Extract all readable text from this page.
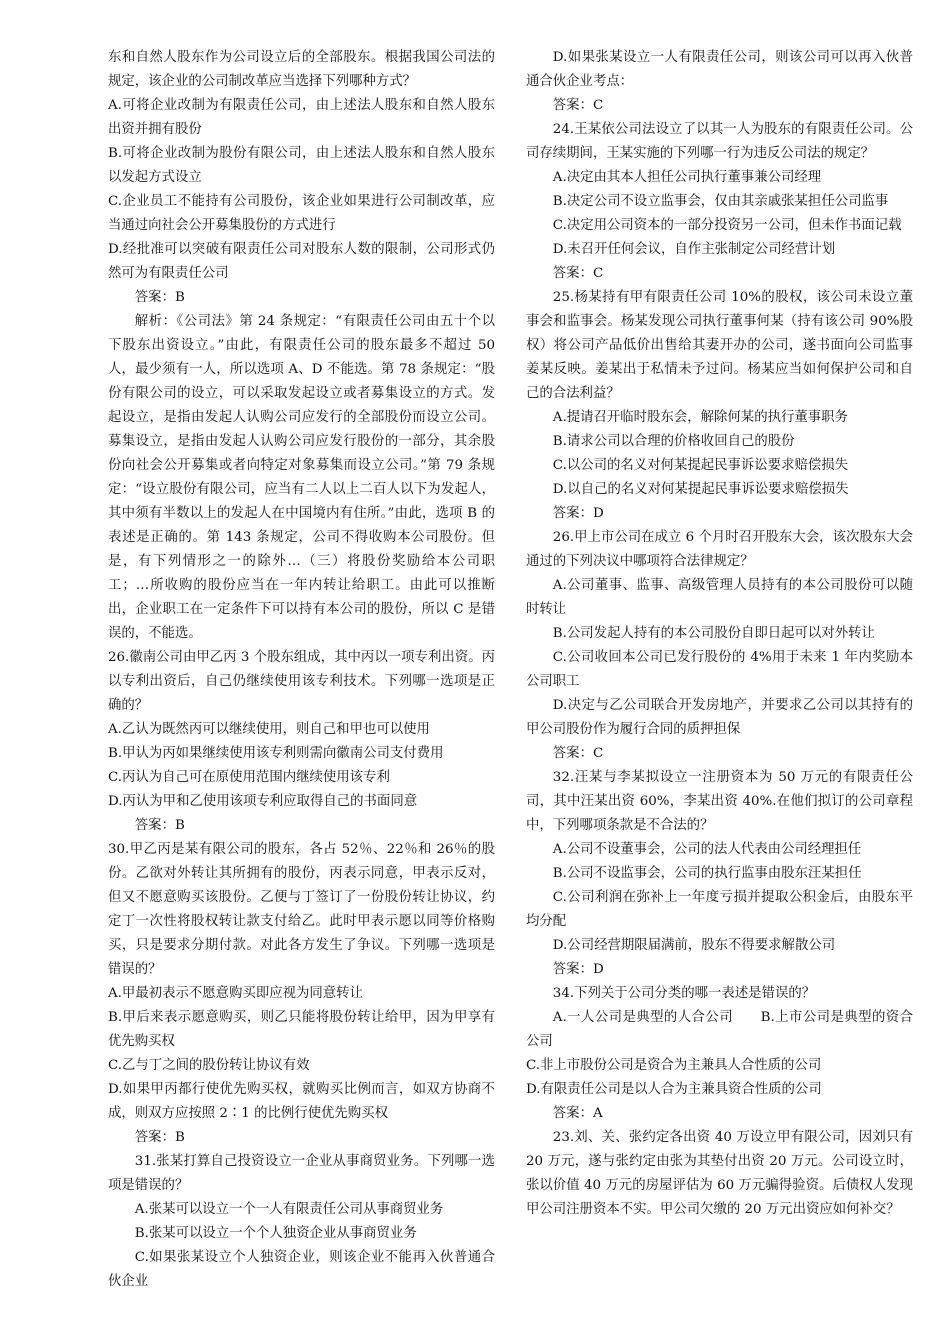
东和自然人股东作为公司设立后的全部股东。根据我国公司法的规定，该企业的公司制改革应当选择下列哪种方式？

A.可将企业改制为有限责任公司，由上述法人股东和自然人股东出资并拥有股份

B.可将企业改制为股份有限公司，由上述法人股东和自然人股东以发起方式设立

C.企业员工不能持有公司股份，该企业如果进行公司制改革，应当通过向社会公开募集股份的方式进行

D.经批准可以突破有限责任公司对股东人数的限制，公司形式仍然可为有限责任公司

答案：B

解析：《公司法》第 24 条规定：“有限责任公司由五十个以下股东出资设立。”由此，有限责任公司的股东最多不超过 50 人，最少须有一人，所以选项 A、D 不能选。第 78 条规定：“股份有限公司的设立，可以采取发起设立或者募集设立的方式。发起设立，是指由发起人认购公司应发行的全部股份而设立公司。募集设立，是指由发起人认购公司应发行股份的一部分，其余股份向社会公开募集或者向特定对象募集而设立公司。”第 79 条规定：“设立股份有限公司，应当有二人以上二百人以下为发起人，其中须有半数以上的发起人在中国境内有住所。”由此，选项 B 的表述是正确的。第 143 条规定，公司不得收购本公司股份。但是，有下列情形之一的除外…（三）将股份奖励给本公司职工；…所收购的股份应当在一年内转让给职工。由此可以推断出，企业职工在一定条件下可以持有本公司的股份，所以 C 是错误的，不能选。

26.徽南公司由甲乙丙 3 个股东组成，其中丙以一项专利出资。丙以专利出资后，自己仍继续使用该专利技术。下列哪一选项是正确的？

A.乙认为既然丙可以继续使用，则自己和甲也可以使用

B.甲认为丙如果继续使用该专利则需向徽南公司支付费用

C.丙认为自己可在原使用范围内继续使用该专利

D.丙认为甲和乙使用该项专利应取得自己的书面同意

答案：B

30.甲乙丙是某有限公司的股东，各占 52％、22％和 26％的股份。乙欲对外转让其所拥有的股份，丙表示同意，甲表示反对，但又不愿意购买该股份。乙便与丁签订了一份股份转让协议，约定丁一次性将股权转让款支付给乙。此时甲表示愿以同等价格购买，只是要求分期付款。对此各方发生了争议。下列哪一选项是错误的？

A.甲最初表示不愿意购买即应视为同意转让

B.甲后来表示愿意购买，则乙只能将股份转让给甲，因为甲享有优先购买权

C.乙与丁之间的股份转让协议有效

D.如果甲丙都行使优先购买权，就购买比例而言，如双方协商不成，则双方应按照 2∶1 的比例行使优先购买权

答案：B

31.张某打算自己投资设立一企业从事商贸业务。下列哪一选项是错误的？

A.张某可以设立一个一人有限责任公司从事商贸业务

B.张某可以设立一个个人独资企业从事商贸业务

C.如果张某设立个人独资企业，则该企业不能再入伙普通合伙企业

D.如果张某设立一人有限责任公司，则该公司可以再入伙普通合伙企业考点：

答案：C

24.王某依公司法设立了以其一人为股东的有限责任公司。公司存续期间，王某实施的下列哪一行为违反公司法的规定？

A.决定由其本人担任公司执行董事兼公司经理

B.决定公司不设立监事会，仅由其亲戚张某担任公司监事

C.决定用公司资本的一部分投资另一公司，但未作书面记载

D.未召开任何会议，自作主张制定公司经营计划

答案：C

25.杨某持有甲有限责任公司 10%的股权，该公司未设立董事会和监事会。杨某发现公司执行董事何某（持有该公司 90%股权）将公司产品低价出售给其妻开办的公司，遂书面向公司监事姜某反映。姜某出于私情未予过问。杨某应当如何保护公司和自己的合法利益？

A.提请召开临时股东会，解除何某的执行董事职务

B.请求公司以合理的价格收回自己的股份

C.以公司的名义对何某提起民事诉讼要求赔偿损失

D.以自己的名义对何某提起民事诉讼要求赔偿损失

答案：D

26.甲上市公司在成立 6 个月时召开股东大会，该次股东大会通过的下列决议中哪项符合法律规定？

A.公司董事、监事、高级管理人员持有的本公司股份可以随时转让

B.公司发起人持有的本公司股份自即日起可以对外转让

C.公司收回本公司已发行股份的 4%用于未来 1 年内奖励本公司职工

D.决定与乙公司联合开发房地产，并要求乙公司以其持有的甲公司股份作为履行合同的质押担保

答案：C

32.汪某与李某拟设立一注册资本为 50 万元的有限责任公司，其中汪某出资 60%，李某出资 40%.在他们拟订的公司章程中，下列哪项条款是不合法的？

A.公司不设董事会，公司的法人代表由公司经理担任

B.公司不设监事会，公司的执行监事由股东汪某担任

C.公司利润在弥补上一年度亏损并提取公积金后，由股东平均分配

D.公司经营期限届满前，股东不得要求解散公司

答案：D

34.下列关于公司分类的哪一表述是错误的？

A.一人公司是典型的人合公司　　B.上市公司是典型的资合公司

C.非上市股份公司是资合为主兼具人合性质的公司

D.有限责任公司是以人合为主兼具资合性质的公司

答案：A

23.刘、关、张约定各出资 40 万设立甲有限公司，因刘只有 20 万元，遂与张约定由张为其垫付出资 20 万元。公司设立时，张以价值 40 万元的房屋评估为 60 万元骗得验资。后债权人发现甲公司注册资本不实。甲公司欠缴的 20 万元出资应如何补交？
